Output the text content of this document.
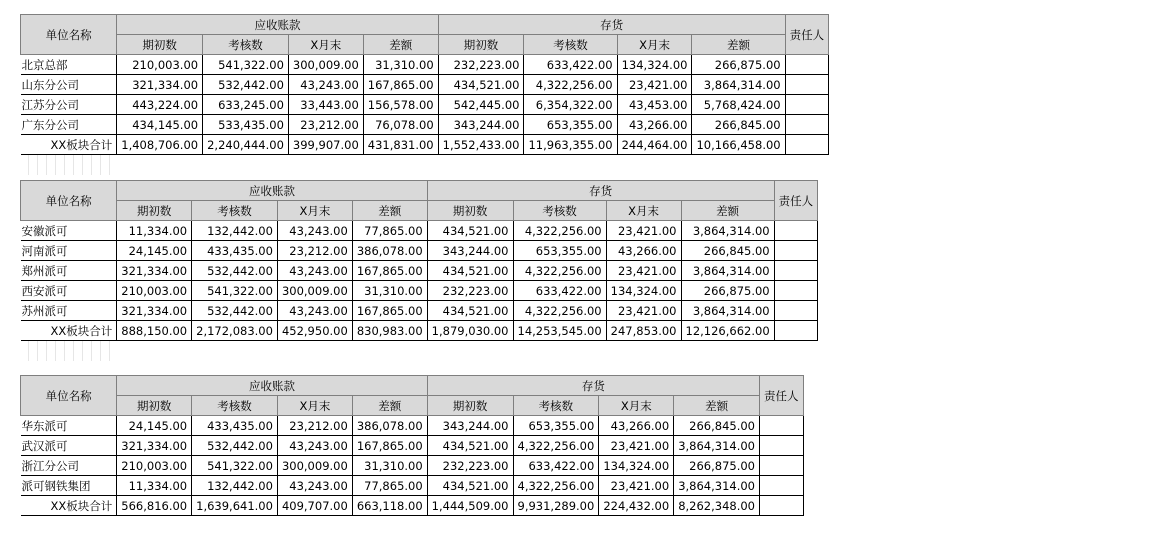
单位名称	应收账款				存货				责任人
	期初数	考核数	X月末	差额	期初数	考核数	X月末	差额	
北京总部	210,003.00	541,322.00	300,009.00	31,310.00	232,223.00	633,422.00	134,324.00	266,875.00	
山东分公司	321,334.00	532,442.00	43,243.00	167,865.00	434,521.00	4,322,256.00	23,421.00	3,864,314.00	
江苏分公司	443,224.00	633,245.00	33,443.00	156,578.00	542,445.00	6,354,322.00	43,453.00	5,768,424.00	
广东分公司	434,145.00	533,435.00	23,212.00	76,078.00	343,244.00	653,355.00	43,266.00	266,845.00	
XX板块合计	1,408,706.00	2,240,444.00	399,907.00	431,831.00	1,552,433.00	11,963,355.00	244,464.00	10,166,458.00	

单位名称	应收账款				存货				责任人
	期初数	考核数	X月末	差额	期初数	考核数	X月末	差额	
安徽派可	11,334.00	132,442.00	43,243.00	77,865.00	434,521.00	4,322,256.00	23,421.00	3,864,314.00	
河南派可	24,145.00	433,435.00	23,212.00	386,078.00	343,244.00	653,355.00	43,266.00	266,845.00	
郑州派可	321,334.00	532,442.00	43,243.00	167,865.00	434,521.00	4,322,256.00	23,421.00	3,864,314.00	
西安派可	210,003.00	541,322.00	300,009.00	31,310.00	232,223.00	633,422.00	134,324.00	266,875.00	
苏州派可	321,334.00	532,442.00	43,243.00	167,865.00	434,521.00	4,322,256.00	23,421.00	3,864,314.00	
XX板块合计	888,150.00	2,172,083.00	452,950.00	830,983.00	1,879,030.00	14,253,545.00	247,853.00	12,126,662.00	

单位名称	应收账款				存货				责任人
	期初数	考核数	X月末	差额	期初数	考核数	X月末	差额	
华东派可	24,145.00	433,435.00	23,212.00	386,078.00	343,244.00	653,355.00	43,266.00	266,845.00	
武汉派可	321,334.00	532,442.00	43,243.00	167,865.00	434,521.00	4,322,256.00	23,421.00	3,864,314.00	
浙江分公司	210,003.00	541,322.00	300,009.00	31,310.00	232,223.00	633,422.00	134,324.00	266,875.00	
派可钢铁集团	11,334.00	132,442.00	43,243.00	77,865.00	434,521.00	4,322,256.00	23,421.00	3,864,314.00	
XX板块合计	566,816.00	1,639,641.00	409,707.00	663,118.00	1,444,509.00	9,931,289.00	224,432.00	8,262,348.00	
